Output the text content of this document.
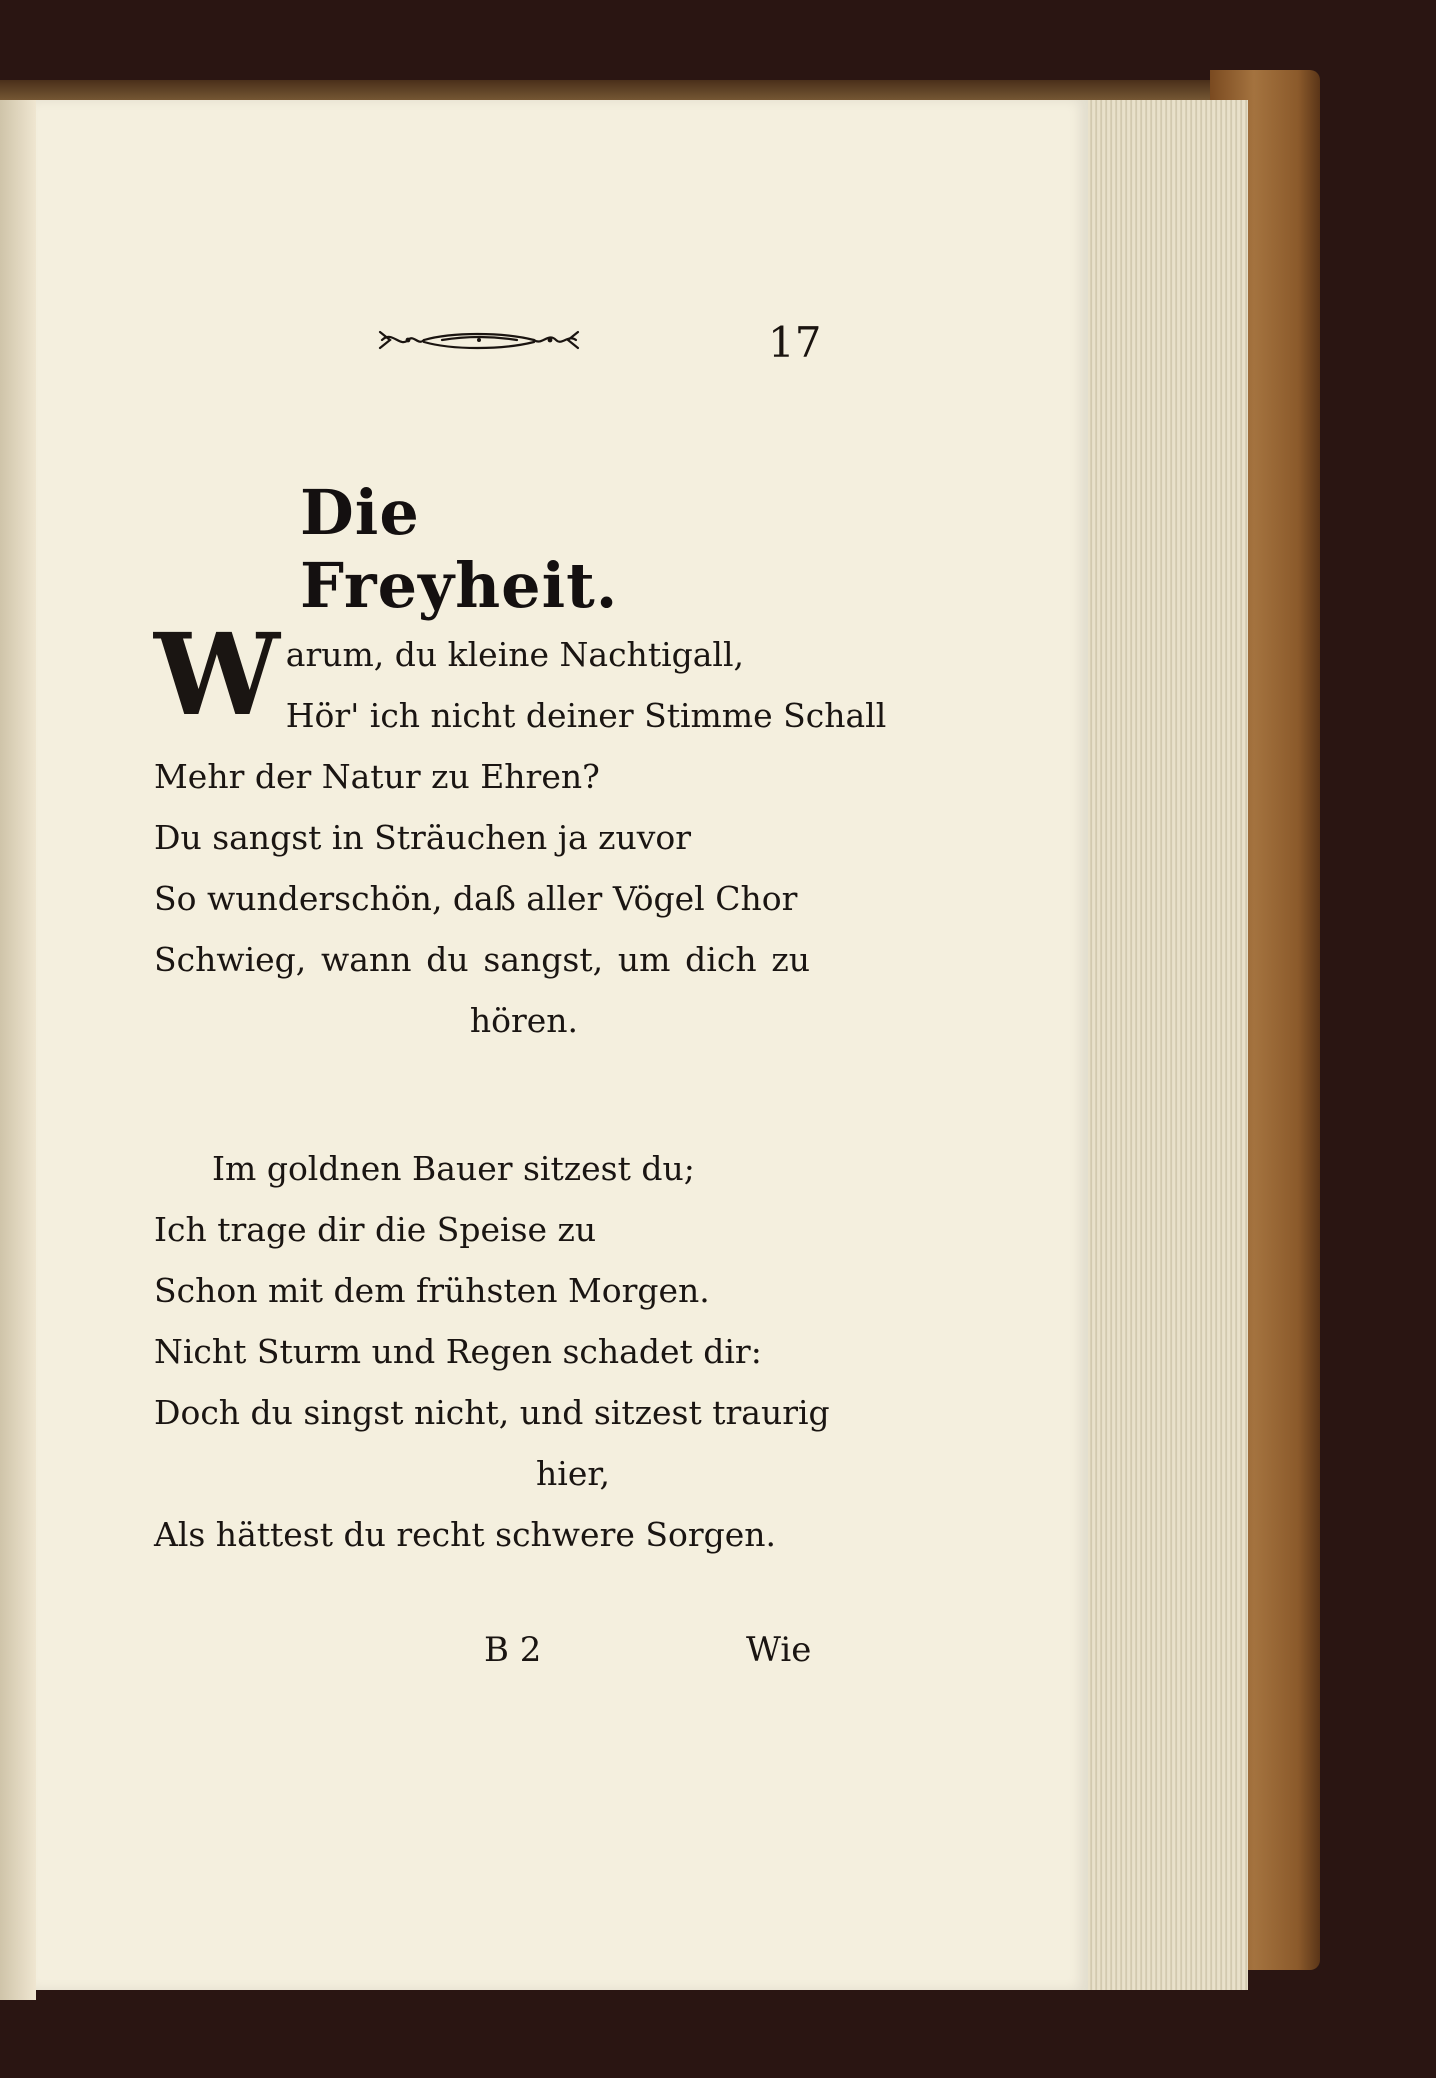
17
Die Freyheit.
W arum, du kleine Nachtigall,
Hör' ich nicht deiner Stimme Schall
Mehr der Natur zu Ehren?
Du sangst in Sträuchen ja zuvor
So wunderschön, daß aller Vögel Chor
Schwieg, wann du sangst, um dich zu
hören.
Im goldnen Bauer sitzest du;
Ich trage dir die Speise zu
Schon mit dem frühsten Morgen.
Nicht Sturm und Regen schadet dir:
Doch du singst nicht, und sitzest traurig
hier,
Als hättest du recht schwere Sorgen.
B 2	Wie
